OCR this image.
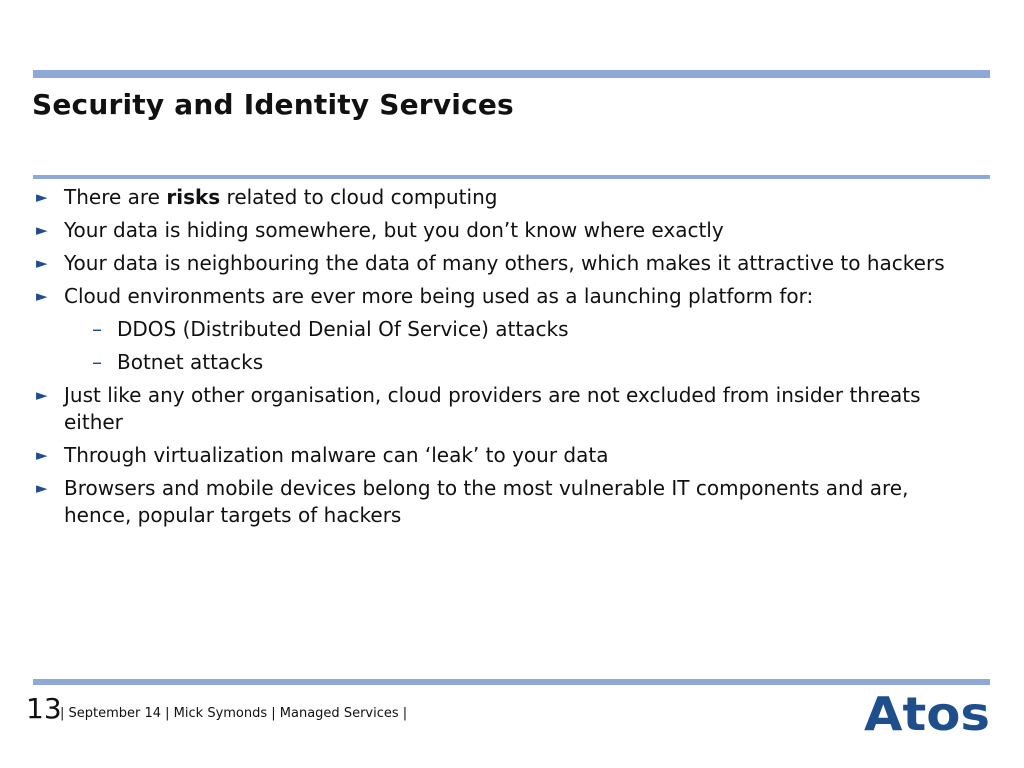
Security and Identity Services
► There are risks related to cloud computing
► Your data is hiding somewhere, but you don’t know where exactly
► Your data is neighbouring the data of many others, which makes it attractive to hackers
► Cloud environments are ever more being used as a launching platform for:
– DDOS (Distributed Denial Of Service) attacks
– Botnet attacks
► Just like any other organisation, cloud providers are not excluded from insider threats either
► Through virtualization malware can ‘leak’ to your data
► Browsers and mobile devices belong to the most vulnerable IT components and are, hence, popular targets of hackers
13
| September 14 | Mick Symonds | Managed Services |	Atos
